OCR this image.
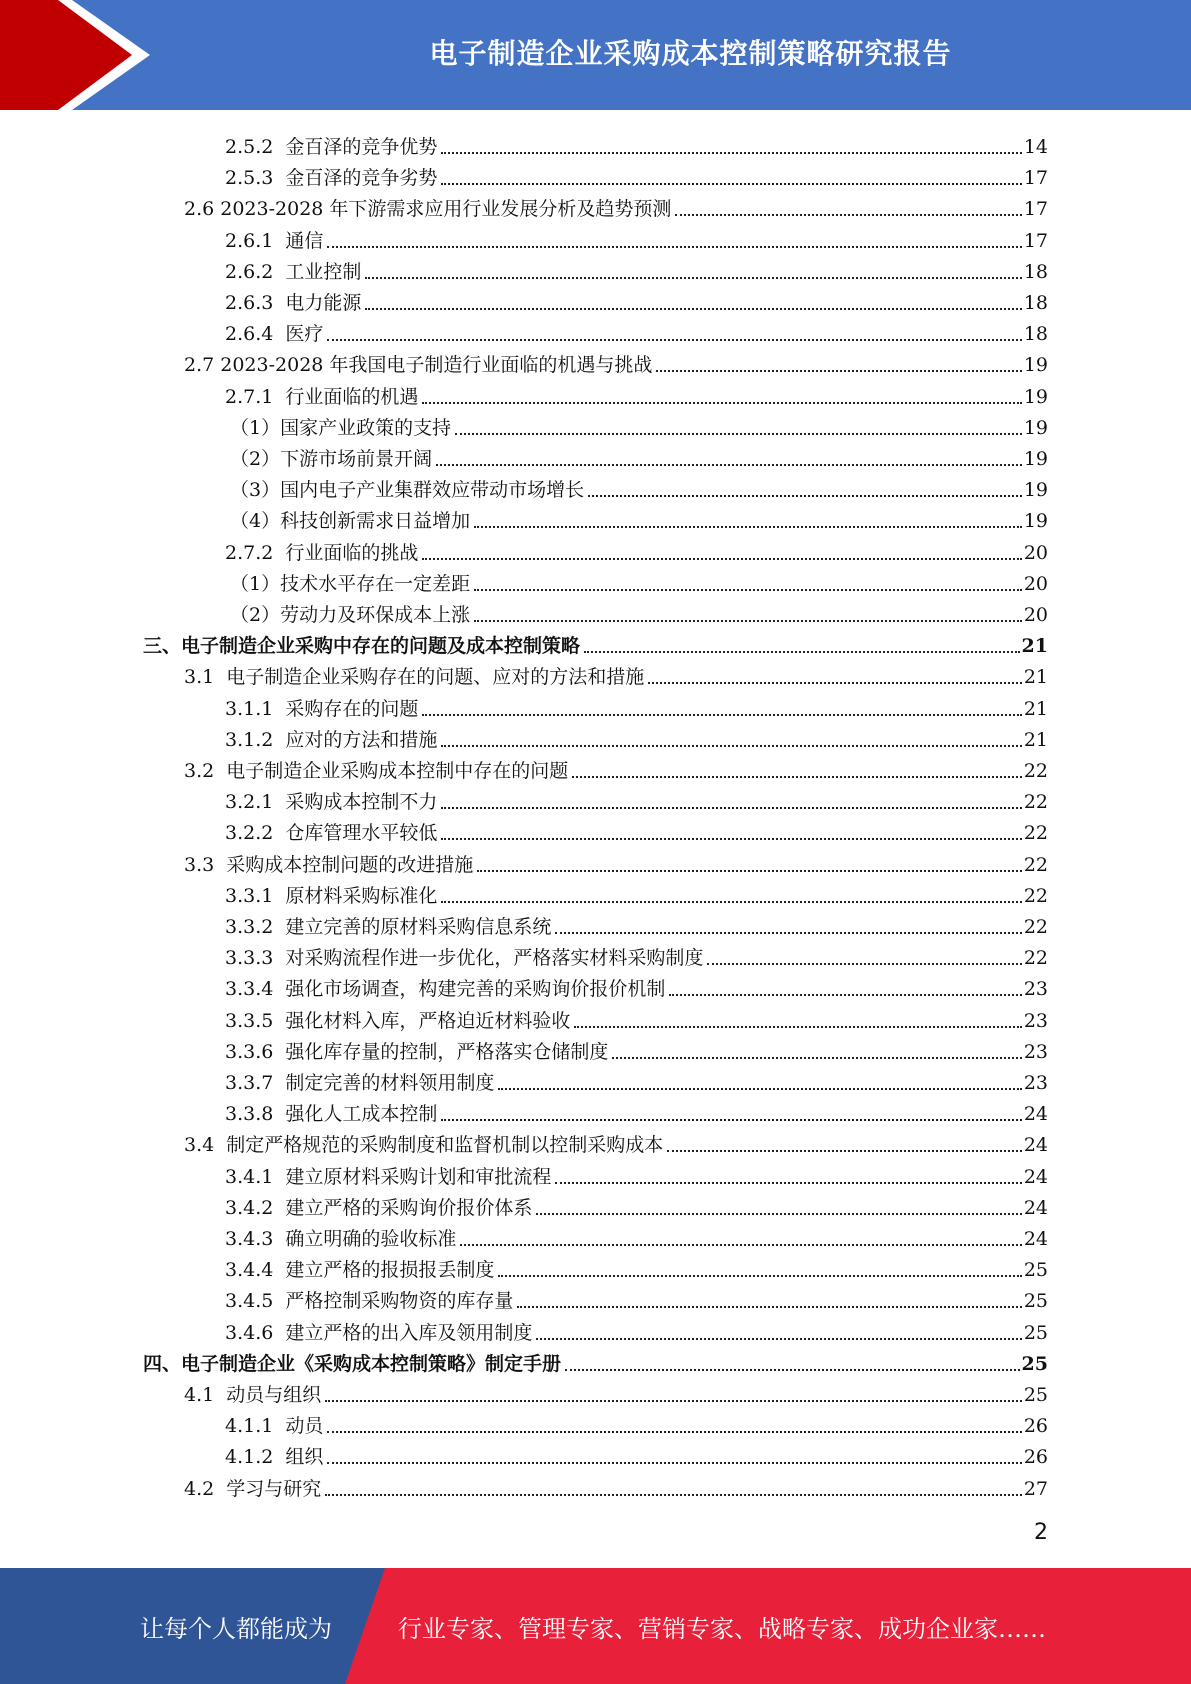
电子制造企业采购成本控制策略研究报告
2.5.2  金百泽的竞争优势	14
2.5.3  金百泽的竞争劣势	17
2.6 2023-2028 年下游需求应用行业发展分析及趋势预测	17
2.6.1  通信	17
2.6.2  工业控制	18
2.6.3  电力能源	18
2.6.4  医疗	18
2.7 2023-2028 年我国电子制造行业面临的机遇与挑战	19
2.7.1  行业面临的机遇	19
（1）国家产业政策的支持	19
（2）下游市场前景开阔	19
（3）国内电子产业集群效应带动市场增长	19
（4）科技创新需求日益增加	19
2.7.2  行业面临的挑战	20
（1）技术水平存在一定差距	20
（2）劳动力及环保成本上涨	20
三、电子制造企业采购中存在的问题及成本控制策略	21
3.1  电子制造企业采购存在的问题、应对的方法和措施	21
3.1.1  采购存在的问题	21
3.1.2  应对的方法和措施	21
3.2  电子制造企业采购成本控制中存在的问题	22
3.2.1  采购成本控制不力	22
3.2.2  仓库管理水平较低	22
3.3  采购成本控制问题的改进措施	22
3.3.1  原材料采购标准化	22
3.3.2  建立完善的原材料采购信息系统	22
3.3.3  对采购流程作进一步优化，严格落实材料采购制度	22
3.3.4  强化市场调查，构建完善的采购询价报价机制	23
3.3.5  强化材料入库，严格迫近材料验收	23
3.3.6  强化库存量的控制，严格落实仓储制度	23
3.3.7  制定完善的材料领用制度	23
3.3.8  强化人工成本控制	24
3.4  制定严格规范的采购制度和监督机制以控制采购成本	24
3.4.1  建立原材料采购计划和审批流程	24
3.4.2  建立严格的采购询价报价体系	24
3.4.3  确立明确的验收标准	24
3.4.4  建立严格的报损报丢制度	25
3.4.5  严格控制采购物资的库存量	25
3.4.6  建立严格的出入库及领用制度	25
四、电子制造企业《采购成本控制策略》制定手册	25
4.1  动员与组织	25
4.1.1  动员	26
4.1.2  组织	26
4.2  学习与研究	27
2
让每个人都能成为	行业专家、管理专家、营销专家、战略专家、成功企业家……
